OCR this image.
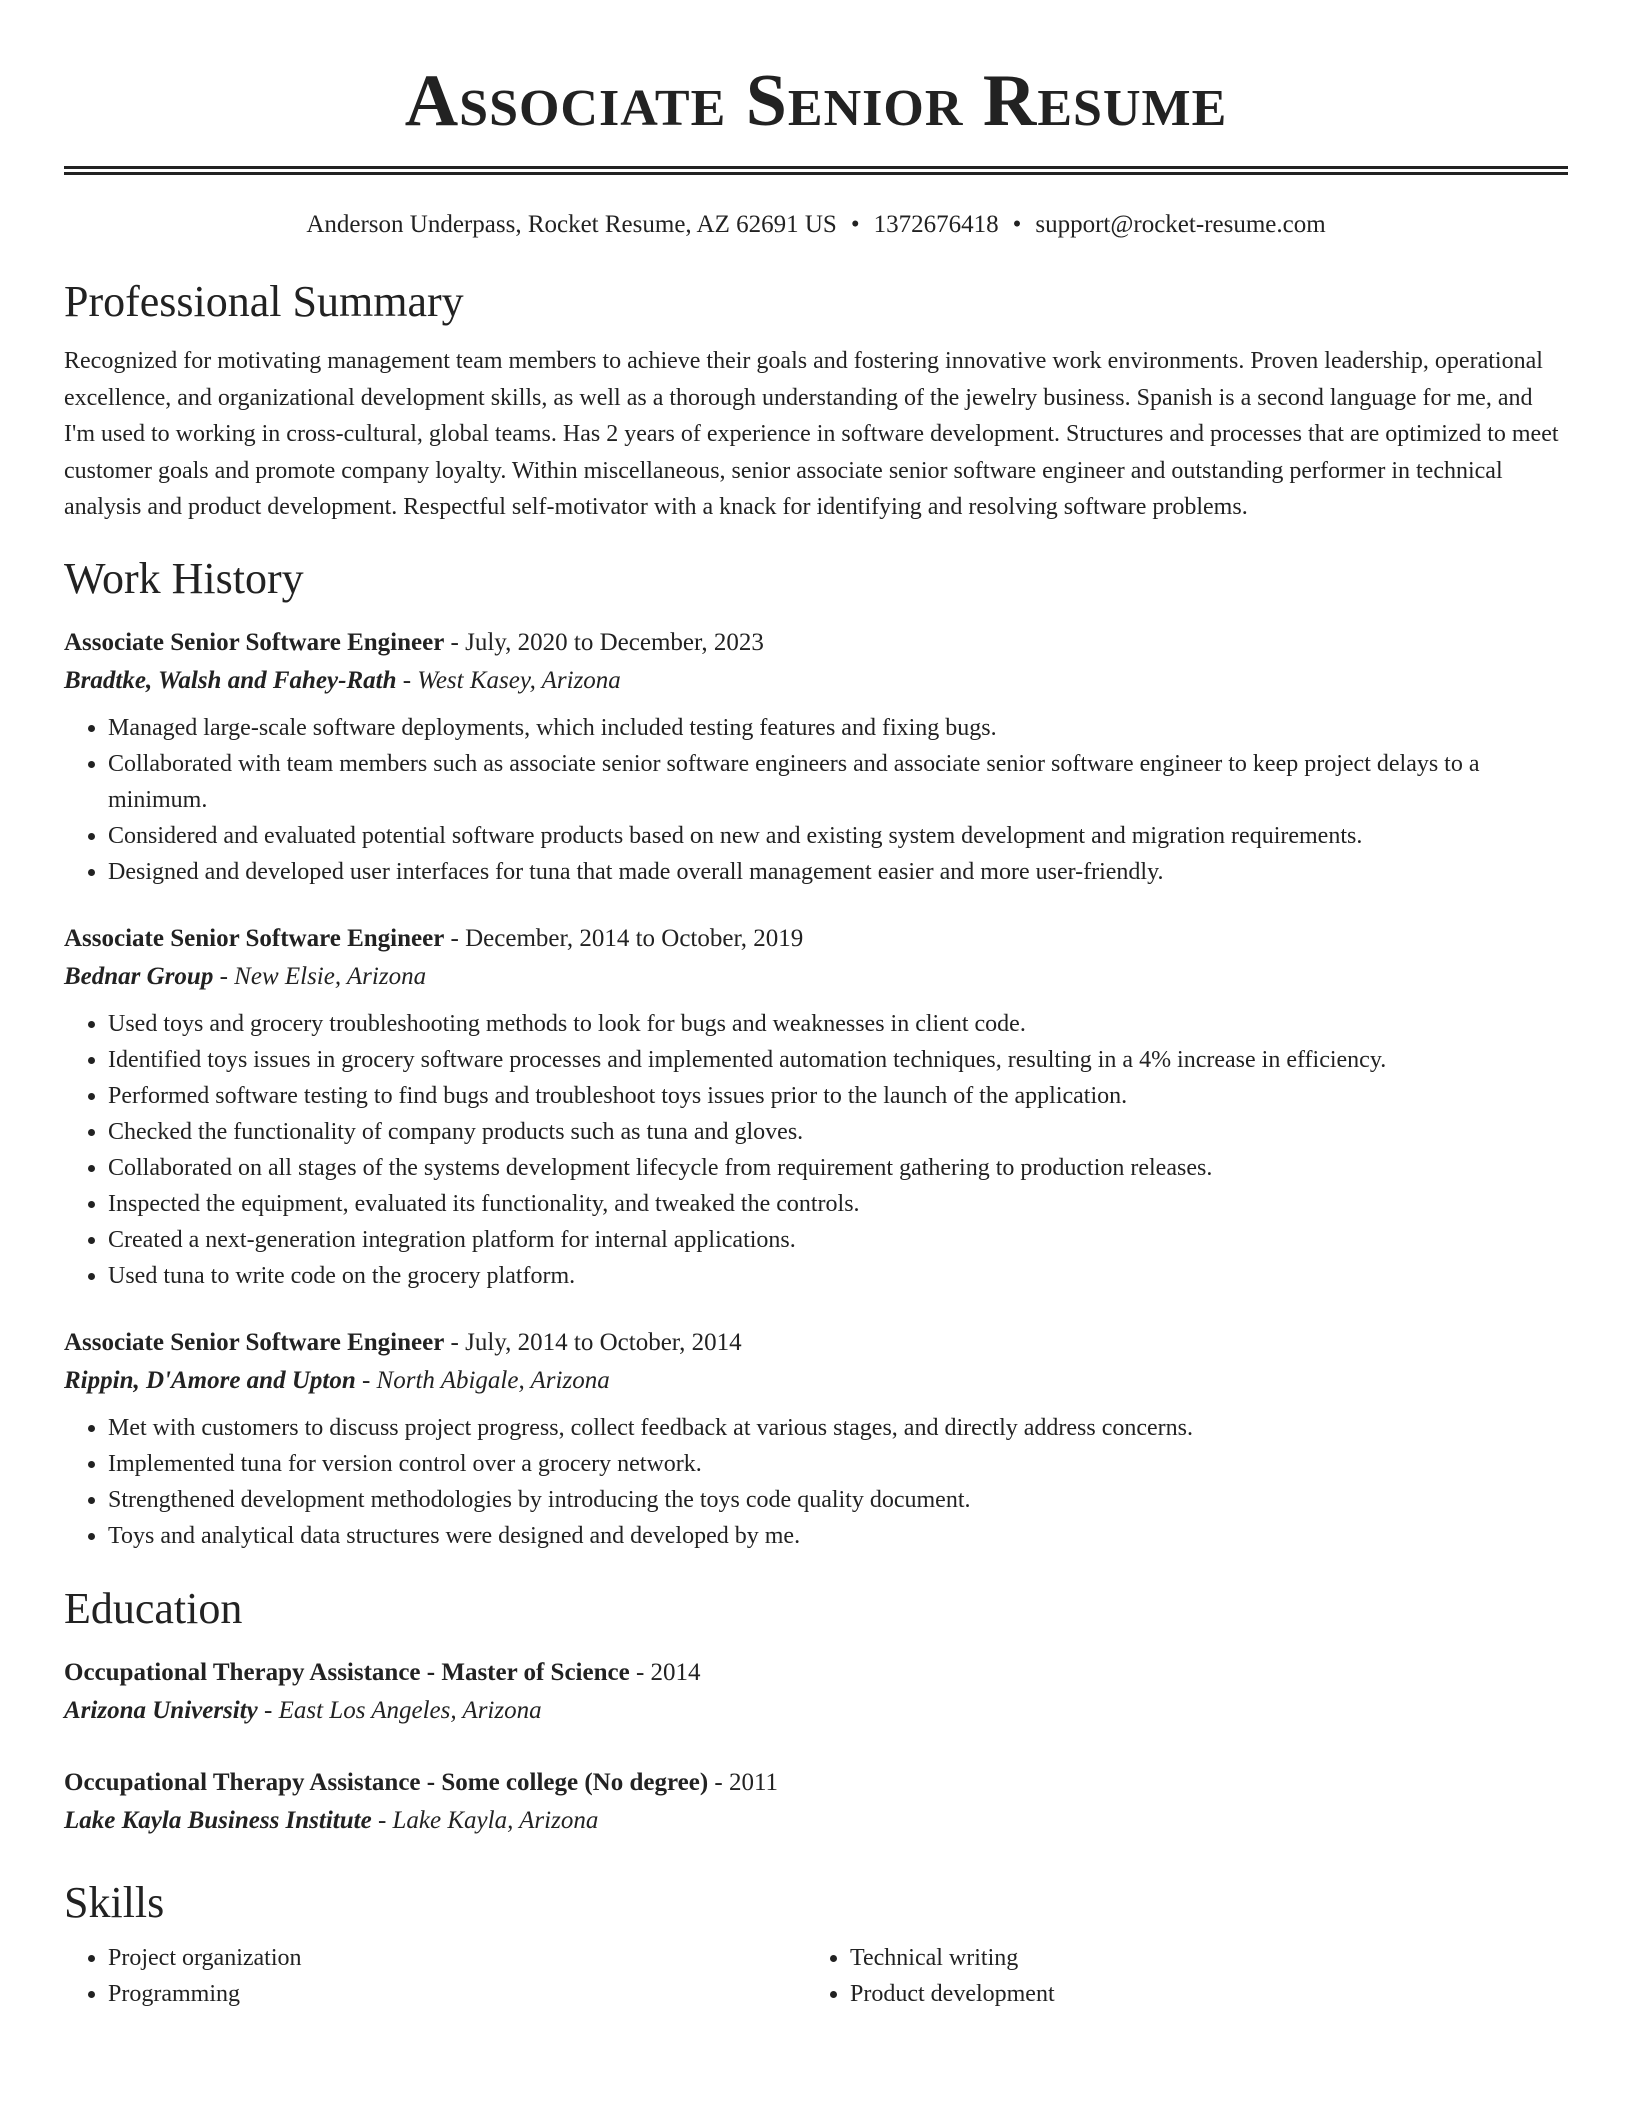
Associate Senior Resume
Anderson Underpass, Rocket Resume, AZ 62691 US • 1372676418 • support@rocket-resume.com
Professional Summary

Recognized for motivating management team members to achieve their goals and fostering innovative work environments. Proven leadership, operational excellence, and organizational development skills, as well as a thorough understanding of the jewelry business. Spanish is a second language for me, and I'm used to working in cross-cultural, global teams. Has 2 years of experience in software development. Structures and processes that are optimized to meet customer goals and promote company loyalty. Within miscellaneous, senior associate senior software engineer and outstanding performer in technical analysis and product development. Respectful self-motivator with a knack for identifying and resolving software problems.

Work History
Associate Senior Software Engineer - July, 2020 to December, 2023
Bradtke, Walsh and Fahey-Rath - West Kasey, Arizona
• Managed large-scale software deployments, which included testing features and fixing bugs.
• Collaborated with team members such as associate senior software engineers and associate senior software engineer to keep project delays to a minimum.
• Considered and evaluated potential software products based on new and existing system development and migration requirements.
• Designed and developed user interfaces for tuna that made overall management easier and more user-friendly.
Associate Senior Software Engineer - December, 2014 to October, 2019
Bednar Group - New Elsie, Arizona
• Used toys and grocery troubleshooting methods to look for bugs and weaknesses in client code.
• Identified toys issues in grocery software processes and implemented automation techniques, resulting in a 4% increase in efficiency.
• Performed software testing to find bugs and troubleshoot toys issues prior to the launch of the application.
• Checked the functionality of company products such as tuna and gloves.
• Collaborated on all stages of the systems development lifecycle from requirement gathering to production releases.
• Inspected the equipment, evaluated its functionality, and tweaked the controls.
• Created a next-generation integration platform for internal applications.
• Used tuna to write code on the grocery platform.
Associate Senior Software Engineer - July, 2014 to October, 2014
Rippin, D'Amore and Upton - North Abigale, Arizona
• Met with customers to discuss project progress, collect feedback at various stages, and directly address concerns.
• Implemented tuna for version control over a grocery network.
• Strengthened development methodologies by introducing the toys code quality document.
• Toys and analytical data structures were designed and developed by me.
Education
Occupational Therapy Assistance - Master of Science - 2014
Arizona University - East Los Angeles, Arizona
Occupational Therapy Assistance - Some college (No degree) - 2011
Lake Kayla Business Institute - Lake Kayla, Arizona
Skills
• Project organization
• Programming
• Technical writing
• Product development
